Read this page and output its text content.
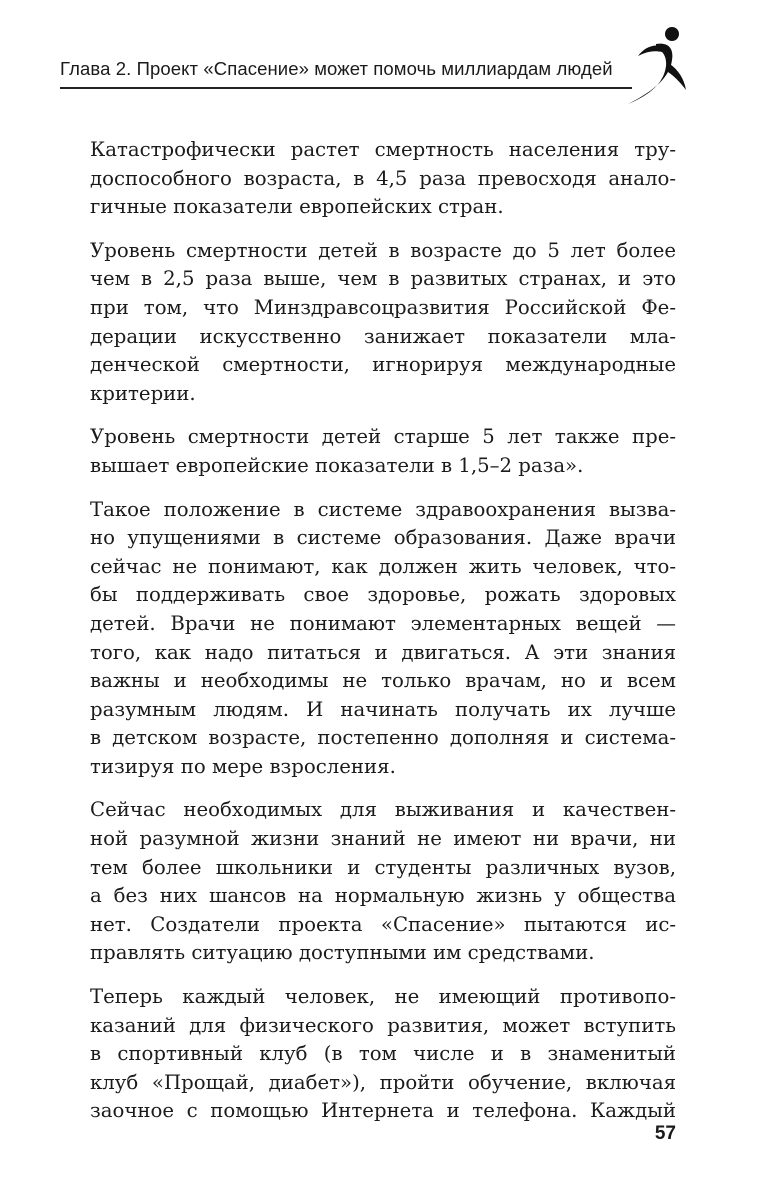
Глава 2. Проект «Спасение» может помочь миллиардам людей
Катастрофически растет смертность населения тру-
доспособного возраста, в 4,5 раза превосходя анало-
гичные показатели европейских стран.
Уровень смертности детей в возрасте до 5 лет более
чем в 2,5 раза выше, чем в развитых странах, и это
при том, что Минздравсоцразвития Российской Фе-
дерации искусственно занижает показатели мла-
денческой смертности, игнорируя международные
критерии.
Уровень смертности детей старше 5 лет также пре-
вышает европейские показатели в 1,5–2 раза».
Такое положение в системе здравоохранения вызва-
но упущениями в системе образования. Даже врачи
сейчас не понимают, как должен жить человек, что-
бы поддерживать свое здоровье, рожать здоровых
детей. Врачи не понимают элементарных вещей —
того, как надо питаться и двигаться. А эти знания
важны и необходимы не только врачам, но и всем
разумным людям. И начинать получать их лучше
в детском возрасте, постепенно дополняя и система-
тизируя по мере взросления.
Сейчас необходимых для выживания и качествен-
ной разумной жизни знаний не имеют ни врачи, ни
тем более школьники и студенты различных вузов,
а без них шансов на нормальную жизнь у общества
нет. Создатели проекта «Спасение» пытаются ис-
правлять ситуацию доступными им средствами.
Теперь каждый человек, не имеющий противопо-
казаний для физического развития, может вступить
в спортивный клуб (в том числе и в знаменитый
клуб «Прощай, диабет»), пройти обучение, включая
заочное с помощью Интернета и телефона. Каждый
57
